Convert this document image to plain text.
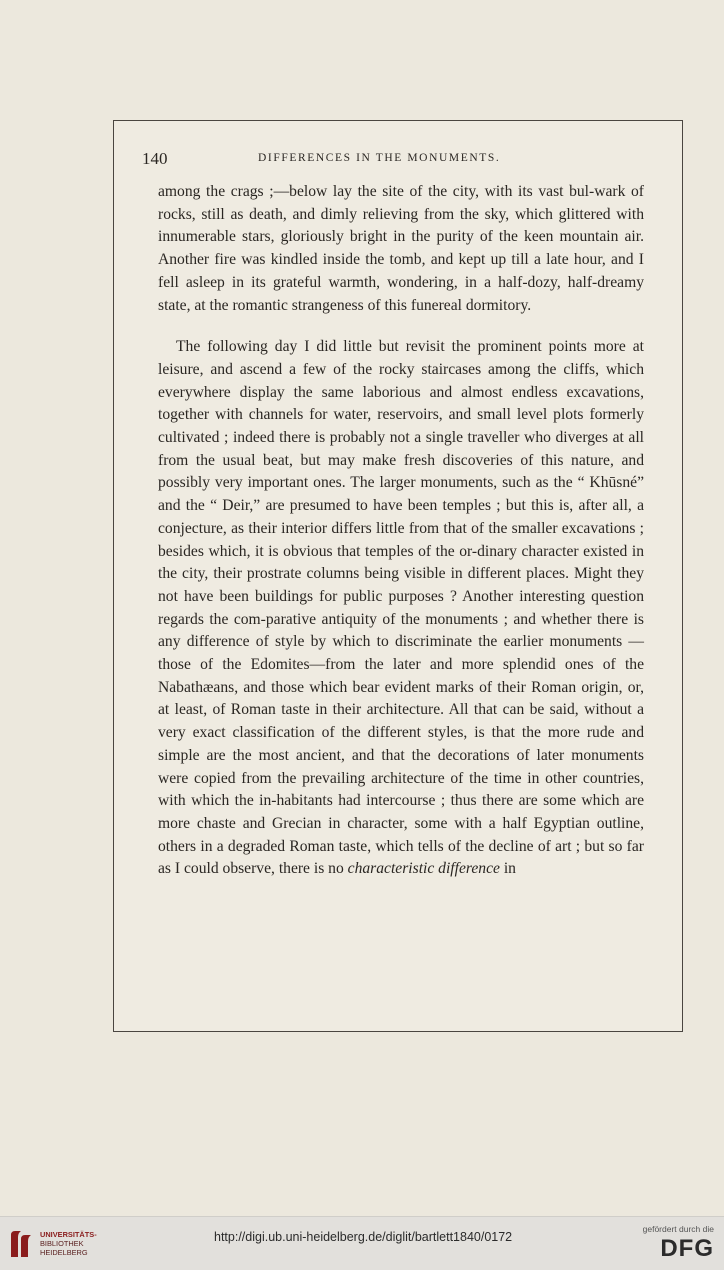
140	DIFFERENCES IN THE MONUMENTS.

among the crags ;—below lay the site of the city, with its vast bul-wark of rocks, still as death, and dimly relieving from the sky, which glittered with innumerable stars, gloriously bright in the purity of the keen mountain air. Another fire was kindled inside the tomb, and kept up till a late hour, and I fell asleep in its grateful warmth, wondering, in a half-dozy, half-dreamy state, at the romantic strangeness of this funereal dormitory.

The following day I did little but revisit the prominent points more at leisure, and ascend a few of the rocky staircases among the cliffs, which everywhere display the same laborious and almost endless excavations, together with channels for water, reservoirs, and small level plots formerly cultivated ; indeed there is probably not a single traveller who diverges at all from the usual beat, but may make fresh discoveries of this nature, and possibly very important ones. The larger monuments, such as the “ Khūsné” and the “ Deir,” are presumed to have been temples ; but this is, after all, a conjecture, as their interior differs little from that of the smaller excavations ; besides which, it is obvious that temples of the or-dinary character existed in the city, their prostrate columns being visible in different places. Might they not have been buildings for public purposes ? Another interesting question regards the com-parative antiquity of the monuments ; and whether there is any difference of style by which to discriminate the earlier monuments —those of the Edomites—from the later and more splendid ones of the Nabathæans, and those which bear evident marks of their Roman origin, or, at least, of Roman taste in their architecture. All that can be said, without a very exact classification of the different styles, is that the more rude and simple are the most ancient, and that the decorations of later monuments were copied from the prevailing architecture of the time in other countries, with which the in-habitants had intercourse ; thus there are some which are more chaste and Grecian in character, some with a half Egyptian outline, others in a degraded Roman taste, which tells of the decline of art ; but so far as I could observe, there is no characteristic difference in

UNIVERSITÄTS-
BIBLIOTHEK
HEIDELBERG
http://digi.ub.uni-heidelberg.de/diglit/bartlett1840/0172
gefördert durch die
DFG
